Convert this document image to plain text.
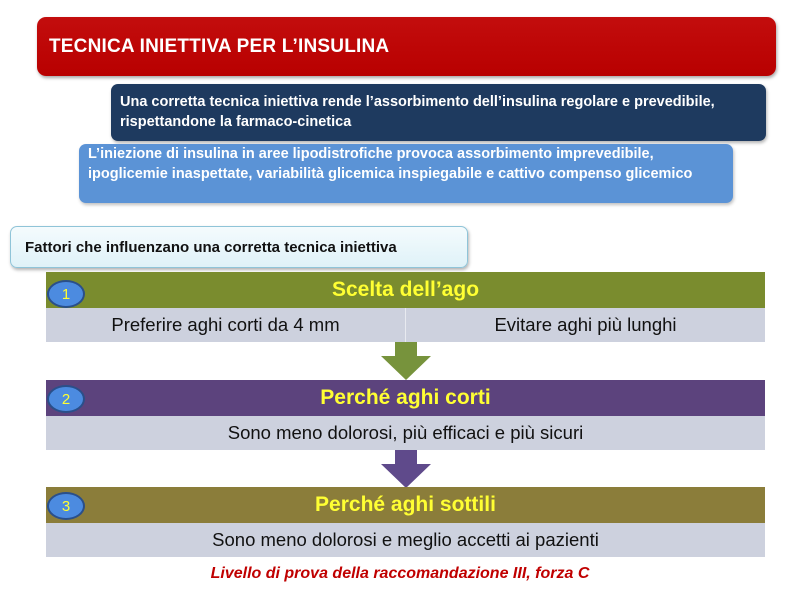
TECNICA INIETTIVA PER L’INSULINA
Una corretta tecnica iniettiva rende l’assorbimento dell’insulina regolare e prevedibile, rispettandone la farmaco-cinetica
L’iniezione di insulina in aree lipodistrofiche provoca assorbimento imprevedibile, ipoglicemie inaspettate, variabilità glicemica inspiegabile e cattivo compenso glicemico
Fattori che influenzano una corretta tecnica iniettiva
Scelta dell’ago
1
Preferire aghi corti da 4 mm	Evitare aghi più lunghi
Perché aghi corti
2
Sono meno dolorosi, più efficaci e più sicuri
Perché aghi sottili
3
Sono meno dolorosi e meglio accetti ai pazienti
Livello di prova della raccomandazione III, forza C
